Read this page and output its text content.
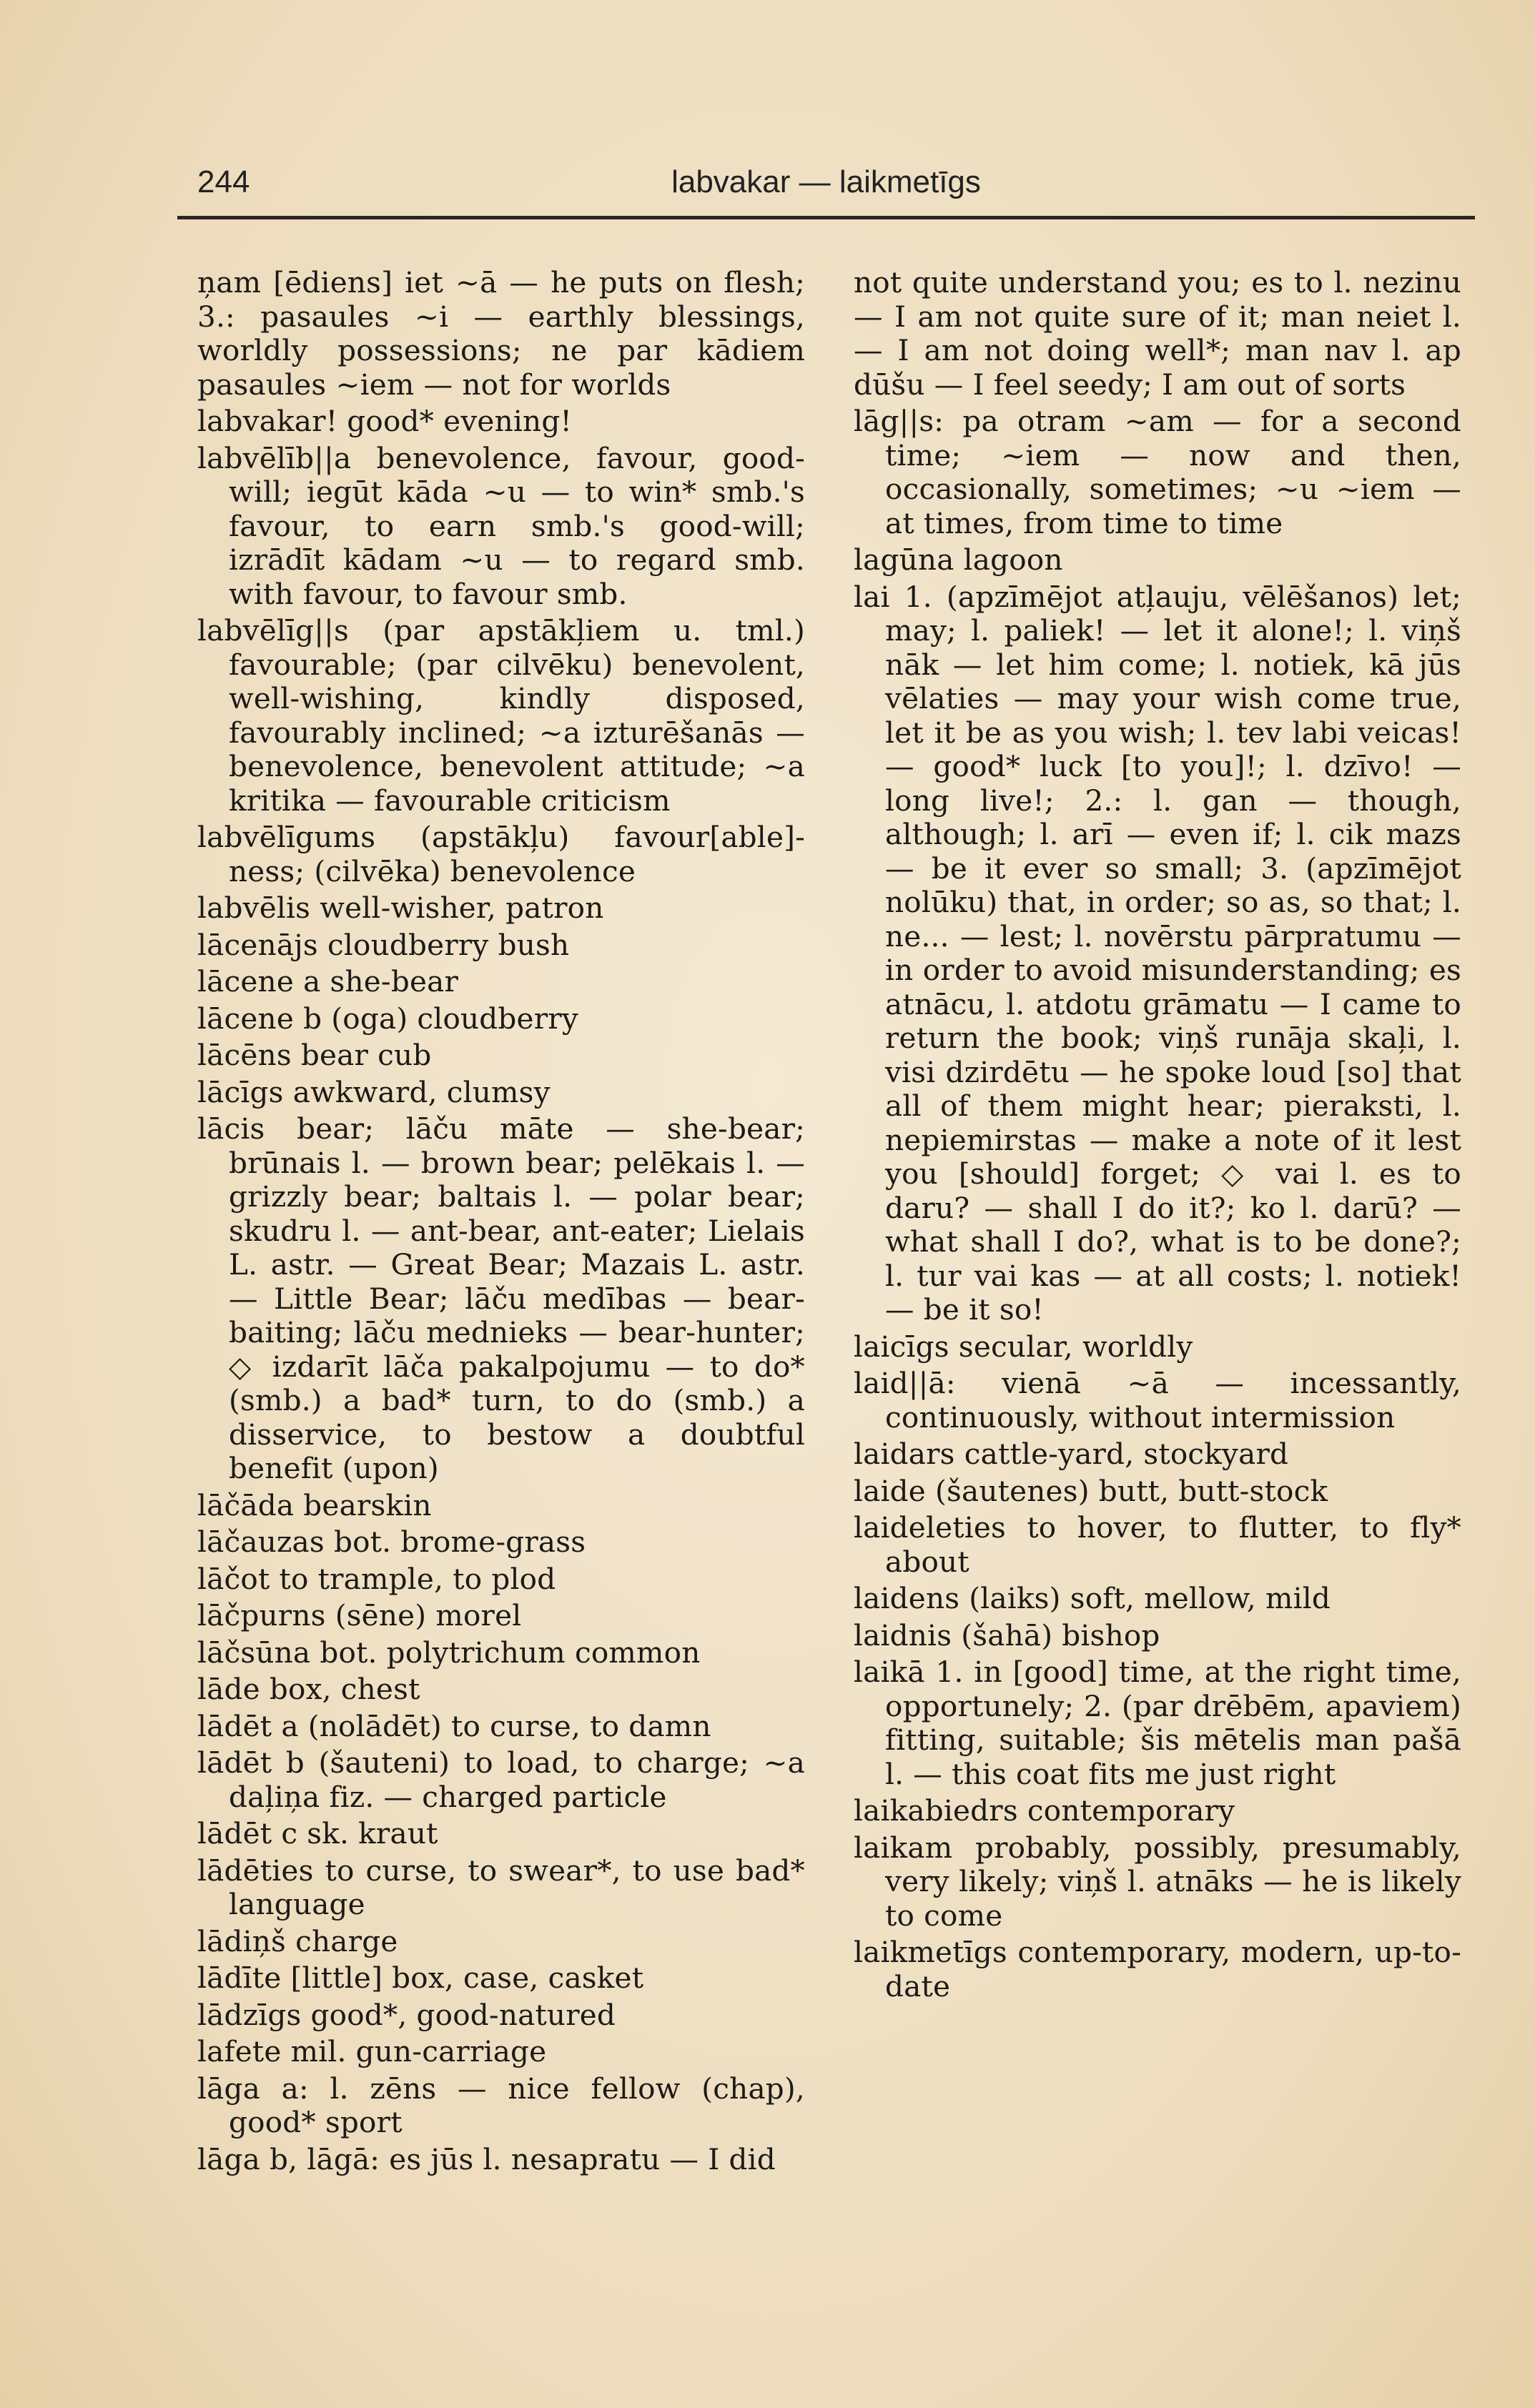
244	labvakar — laikmetīgs

ņam [ēdiens] iet ~ā — he puts on flesh; 3.: pasaules ~i — earthly blessings, worldly possessions; ne par kādiem pasaules ~iem — not for worlds

labvakar! good* evening!

labvēlīb||a benevolence, favour, good-will; iegūt kāda ~u — to win* smb.'s favour, to earn smb.'s good-will; izrādīt kādam ~u — to regard smb. with favour, to favour smb.

labvēlīg||s (par apstākļiem u. tml.) favourable; (par cilvēku) benevolent, well-wishing, kindly disposed, favourably inclined; ~a izturēšanās — benevolence, benevolent attitude; ~a kritika — favourable criticism

labvēlīgums (apstākļu) favour[able]-ness; (cilvēka) benevolence

labvēlis well-wisher, patron

lācenājs cloudberry bush

lācene a she-bear

lācene b (oga) cloudberry

lācēns bear cub

lācīgs awkward, clumsy

lācis bear; lāču māte — she-bear; brūnais l. — brown bear; pelēkais l. — grizzly bear; baltais l. — polar bear; skudru l. — ant-bear, ant-eater; Lielais L. astr. — Great Bear; Mazais L. astr. — Little Bear; lāču medības — bear-baiting; lāču mednieks — bear-hunter; ◇ izdarīt lāča pakalpojumu — to do* (smb.) a bad* turn, to do (smb.) a disservice, to bestow a doubtful benefit (upon)

lāčāda bearskin

lāčauzas bot. brome-grass

lāčot to trample, to plod

lāčpurns (sēne) morel

lāčsūna bot. polytrichum common

lāde box, chest

lādēt a (nolādēt) to curse, to damn

lādēt b (šauteni) to load, to charge; ~a daļiņa fiz. — charged particle

lādēt c sk. kraut

lādēties to curse, to swear*, to use bad* language

lādiņš charge

lādīte [little] box, case, casket

lādzīgs good*, good-natured

lafete mil. gun-carriage

lāga a: l. zēns — nice fellow (chap), good* sport

lāga b, lāgā: es jūs l. nesapratu — I did

not quite understand you; es to l. nezinu — I am not quite sure of it; man neiet l. — I am not doing well*; man nav l. ap dūšu — I feel seedy; I am out of sorts

lāg||s: pa otram ~am — for a second time; ~iem — now and then, occasionally, sometimes; ~u ~iem — at times, from time to time

lagūna lagoon

lai 1. (apzīmējot atļauju, vēlēšanos) let; may; l. paliek! — let it alone!; l. viņš nāk — let him come; l. notiek, kā jūs vēlaties — may your wish come true, let it be as you wish; l. tev labi veicas! — good* luck [to you]!; l. dzīvo! — long live!; 2.: l. gan — though, although; l. arī — even if; l. cik mazs — be it ever so small; 3. (apzīmējot nolūku) that, in order; so as, so that; l. ne... — lest; l. novērstu pārpratumu — in order to avoid misunderstanding; es atnācu, l. atdotu grāmatu — I came to return the book; viņš runāja skaļi, l. visi dzirdētu — he spoke loud [so] that all of them might hear; pieraksti, l. nepiemirstas — make a note of it lest you [should] forget; ◇ vai l. es to daru? — shall I do it?; ko l. darū? — what shall I do?, what is to be done?; l. tur vai kas — at all costs; l. notiek! — be it so!

laicīgs secular, worldly

laid||ā: vienā ~ā — incessantly, continuously, without intermission

laidars cattle-yard, stockyard

laide (šautenes) butt, butt-stock

laideleties to hover, to flutter, to fly* about

laidens (laiks) soft, mellow, mild

laidnis (šahā) bishop

laikā 1. in [good] time, at the right time, opportunely; 2. (par drēbēm, apaviem) fitting, suitable; šis mētelis man pašā l. — this coat fits me just right

laikabiedrs contemporary

laikam probably, possibly, presumably, very likely; viņš l. atnāks — he is likely to come

laikmetīgs contemporary, modern, up-to-date
